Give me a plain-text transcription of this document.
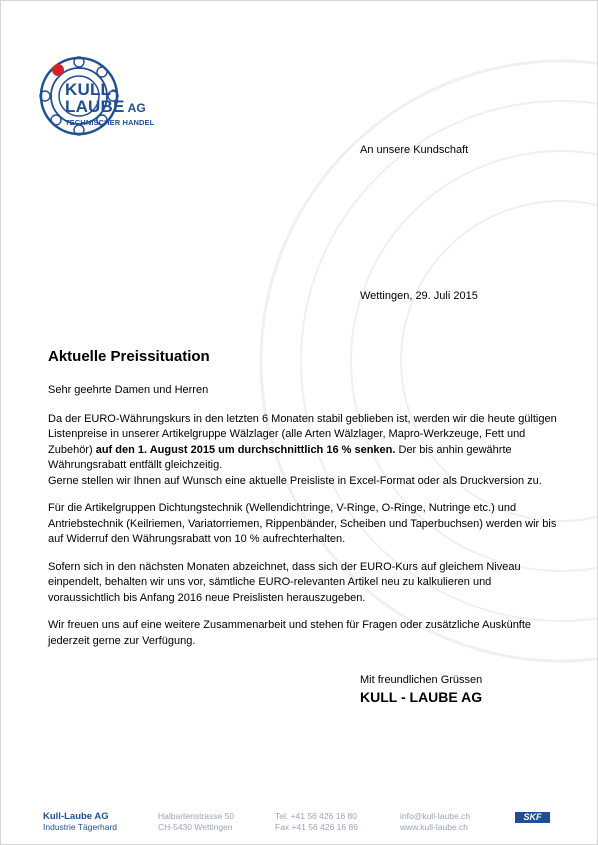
KULL-
LAUBE AG
TECHNISCHER HANDEL
An unsere Kundschaft
Wettingen, 29. Juli 2015
Aktuelle Preissituation

Sehr geehrte Damen und Herren

Da der EURO-Währungskurs in den letzten 6 Monaten stabil geblieben ist, werden wir die heute gültigen Listenpreise in unserer Artikelgruppe Wälzlager (alle Arten Wälzlager, Mapro-Werkzeuge, Fett und Zubehör) auf den 1. August 2015 um durchschnittlich 16 % senken. Der bis anhin gewährte Währungsrabatt entfällt gleichzeitig.
Gerne stellen wir Ihnen auf Wunsch eine aktuelle Preisliste in Excel-Format oder als Druckversion zu.

Für die Artikelgruppen Dichtungstechnik (Wellendichtringe, V-Ringe, O-Ringe, Nutringe etc.) und Antriebstechnik (Keilriemen, Variatorriemen, Rippenbänder, Scheiben und Taperbuchsen) werden wir bis auf Widerruf den Währungsrabatt von 10 % aufrechterhalten.

Sofern sich in den nächsten Monaten abzeichnet, dass sich der EURO-Kurs auf gleichem Niveau einpendelt, behalten wir uns vor, sämtliche EURO-relevanten Artikel neu zu kalkulieren und voraussichtlich bis Anfang 2016 neue Preislisten herauszugeben.

Wir freuen uns auf eine weitere Zusammenarbeit und stehen für Fragen oder zusätzliche Auskünfte jederzeit gerne zur Verfügung.

Mit freundlichen Grüssen
KULL - LAUBE AG
Kull-Laube AG
Industrie Tägerhard
Halbartenstrasse 50
CH-5430 Wettingen
Tel. +41 56 426 16 80
Fax +41 56 426 16 86
info@kull-laube.ch
www.kull-laube.ch
SKF
